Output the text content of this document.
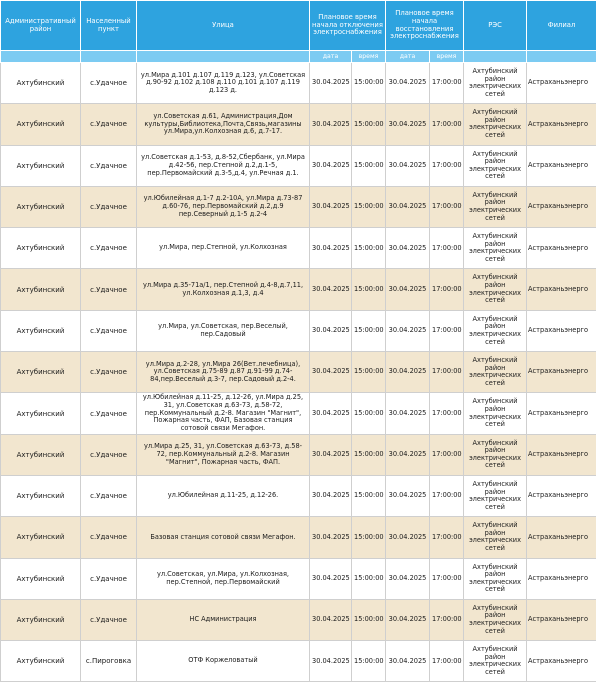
Административный район	Населенный пункт	Улица	Плановое время начала отключения электроснабжения		Плановое время начала восстановления электроснабжения		РЭС	Филиал
			дата	время	дата	время		
Ахтубинский	с.Удачное	ул.Мира д.101 д.107 д.119 д.123, ул.Советская д.90-92 д.102 д.108 д.110 д.101 д.107 д.119 д.123 д.	30.04.2025	15:00:00	30.04.2025	17:00:00	Ахтубинский район электрических сетей	Астраханьэнерго
Ахтубинский	с.Удачное	ул.Советская д.61, Администрация,Дом культуры,Библиотека,Почта,Связь,магазины ул.Мира,ул.Колхозная д.6, д.7-17.	30.04.2025	15:00:00	30.04.2025	17:00:00	Ахтубинский район электрических сетей	Астраханьэнерго
Ахтубинский	с.Удачное	ул.Советская д.1-53, д.8-52,Сбербанк, ул.Мира д.42-56, пер.Степной д.2,д.1-5, пер.Первомайский д.3-5,д.4, ул.Речная д.1.	30.04.2025	15:00:00	30.04.2025	17:00:00	Ахтубинский район электрических сетей	Астраханьэнерго
Ахтубинский	с.Удачное	ул.Юбилейная д.1-7 д.2-10А, ул.Мира д.73-87 д.60-76, пер.Первомайский д.2,д.9 пер.Северный д.1-5 д.2-4	30.04.2025	15:00:00	30.04.2025	17:00:00	Ахтубинский район электрических сетей	Астраханьэнерго
Ахтубинский	с.Удачное	ул.Мира, пер.Степной, ул.Колхозная	30.04.2025	15:00:00	30.04.2025	17:00:00	Ахтубинский район электрических сетей	Астраханьэнерго
Ахтубинский	с.Удачное	ул.Мира д.35-71а/1, пер.Степной д.4-8,д.7,11, ул.Колхозная д.1,3, д.4	30.04.2025	15:00:00	30.04.2025	17:00:00	Ахтубинский район электрических сетей	Астраханьэнерго
Ахтубинский	с.Удачное	ул.Мира, ул.Советская, пер.Веселый, пер.Садовый	30.04.2025	15:00:00	30.04.2025	17:00:00	Ахтубинский район электрических сетей	Астраханьэнерго
Ахтубинский	с.Удачное	ул.Мира д.2-28, ул.Мира 26(Вет.лечебница), ул.Советская д.75-89 д.87 д.91-99 д.74-84,пер.Веселый д.3-7, пер.Садовый д.2-4.	30.04.2025	15:00:00	30.04.2025	17:00:00	Ахтубинский район электрических сетей	Астраханьэнерго
Ахтубинский	с.Удачное	ул.Юбилейная д.11-25, д.12-26, ул.Мира д.25, 31, ул.Советская д.63-73, д.58-72, пер.Коммунальный д.2-8. Магазин "Магнит", Пожарная часть, ФАП, Базовая станция сотовой связи Мегафон.	30.04.2025	15:00:00	30.04.2025	17:00:00	Ахтубинский район электрических сетей	Астраханьэнерго
Ахтубинский	с.Удачное	ул.Мира д.25, 31, ул.Советская д.63-73, д.58-72, пер.Коммунальный д.2-8. Магазин "Магнит", Пожарная часть, ФАП.	30.04.2025	15:00:00	30.04.2025	17:00:00	Ахтубинский район электрических сетей	Астраханьэнерго
Ахтубинский	с.Удачное	ул.Юбилейная д.11-25, д.12-26.	30.04.2025	15:00:00	30.04.2025	17:00:00	Ахтубинский район электрических сетей	Астраханьэнерго
Ахтубинский	с.Удачное	Базовая станция сотовой связи Мегафон.	30.04.2025	15:00:00	30.04.2025	17:00:00	Ахтубинский район электрических сетей	Астраханьэнерго
Ахтубинский	с.Удачное	ул.Советская, ул.Мира, ул.Колхозная, пер.Степной, пер.Первомайский	30.04.2025	15:00:00	30.04.2025	17:00:00	Ахтубинский район электрических сетей	Астраханьэнерго
Ахтубинский	с.Удачное	НС Администрация	30.04.2025	15:00:00	30.04.2025	17:00:00	Ахтубинский район электрических сетей	Астраханьэнерго
Ахтубинский	с.Пироговка	ОТФ Коржеловатый	30.04.2025	15:00:00	30.04.2025	17:00:00	Ахтубинский район электрических сетей	Астраханьэнерго
